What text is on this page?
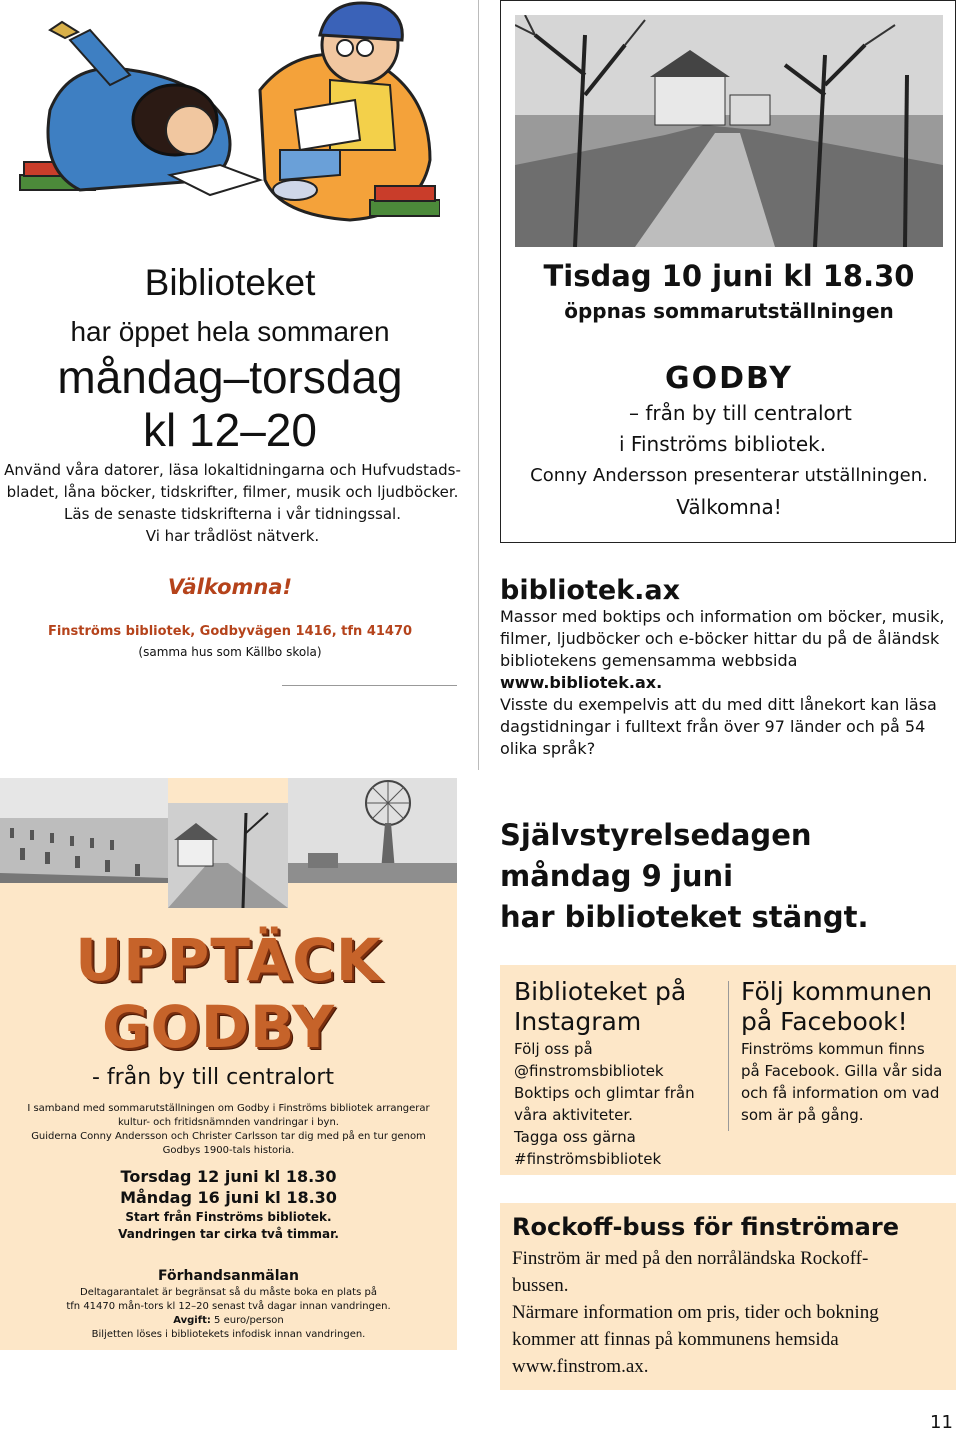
Biblioteket
har öppet hela sommaren
måndag–torsdag
kl 12–20
Använd våra datorer, läsa lokaltidningarna och Hufvudstads-
bladet, låna böcker, tidskrifter, filmer, musik och ljudböcker.
Läs de senaste tidskrifterna i vår tidningssal.
Vi har trådlöst nätverk.
Välkomna!
Finströms bibliotek, Godbyvägen 1416, tfn 41470
(samma hus som Källbo skola)
Tisdag 10 juni kl 18.30
öppnas sommarutställningen
GODBY
– från by till centralort
i Finströms bibliotek.
Conny Andersson presenterar utställningen.
Välkomna!
bibliotek.ax
Massor med boktips och information om böcker, musik, filmer, ljudböcker och e-böcker hittar du på de åländsk bibliotekens gemensamma webbsida
www.bibliotek.ax.
Visste du exempelvis att du med ditt lånekort kan läsa dagstidningar i fulltext från över 97 länder och på 54 olika språk?
Självstyrelsedagen
måndag 9 juni
har biblioteket stängt.
Biblioteket på
Instagram
Följ oss på
@finstromsbibliotek
Boktips och glimtar från
våra aktiviteter.
Tagga oss gärna
#finströmsbibliotek
Följ kommunen
på Facebook!
Finströms kommun finns
på Facebook. Gilla vår sida
och få information om vad
som är på gång.
Rockoff-buss för finströmare
Finström är med på den norråländska Rockoff-
bussen.
Närmare information om pris, tider och bokning
kommer att finnas på kommunens hemsida
www.finstrom.ax.
UPPTÄCK
GODBY
- från by till centralort
I samband med sommarutställningen om Godby i Finströms bibliotek arrangerar
kultur- och fritidsnämnden vandringar i byn.
Guiderna Conny Andersson och Christer Carlsson tar dig med på en tur genom
Godbys 1900-tals historia.
Torsdag 12 juni kl 18.30
Måndag 16 juni kl 18.30
Start från Finströms bibliotek.
Vandringen tar cirka två timmar.
Förhandsanmälan
Deltagarantalet är begränsat så du måste boka en plats på
tfn 41470 mån-tors kl 12–20 senast två dagar innan vandringen.
Avgift: 5 euro/person
Biljetten löses i bibliotekets infodisk innan vandringen.
11
